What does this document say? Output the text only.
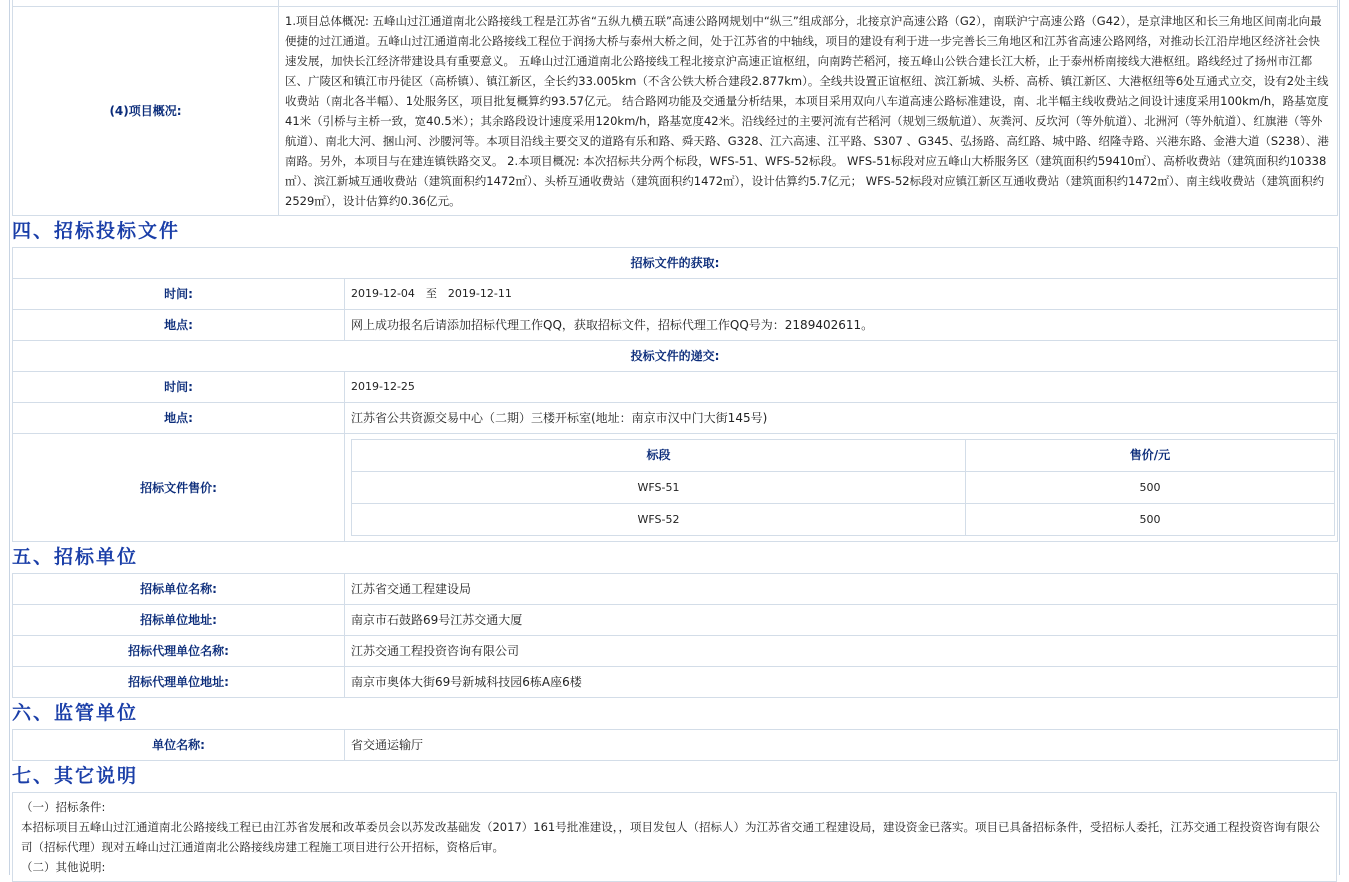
(4)项目概况:	1.项目总体概况: 五峰山过江通道南北公路接线工程是江苏省“五纵九横五联”高速公路网规划中“纵三”组成部分，北接京沪高速公路（G2），南联沪宁高速公路（G42），是京津地区和长三角地区间南北向最便捷的过江通道。五峰山过江通道南北公路接线工程位于润扬大桥与泰州大桥之间，处于江苏省的中轴线，项目的建设有利于进一步完善长三角地区和江苏省高速公路网络，对推动长江沿岸地区经济社会快速发展，加快长江经济带建设具有重要意义。 五峰山过江通道南北公路接线工程北接京沪高速正谊枢纽，向南跨芒稻河，接五峰山公铁合建长江大桥，止于泰州桥南接线大港枢纽。路线经过了扬州市江都区、广陵区和镇江市丹徒区（高桥镇）、镇江新区，全长约33.005km（不含公铁大桥合建段2.877km）。全线共设置正谊枢纽、滨江新城、头桥、高桥、镇江新区、大港枢纽等6处互通式立交，设有2处主线收费站（南北各半幅）、1处服务区，项目批复概算约93.57亿元。 结合路网功能及交通量分析结果，本项目采用双向八车道高速公路标准建设，南、北半幅主线收费站之间设计速度采用100km/h，路基宽度41米（引桥与主桥一致，宽40.5米）；其余路段设计速度采用120km/h，路基宽度42米。沿线经过的主要河流有芒稻河（规划三级航道）、灰粪河、反坎河（等外航道）、北洲河（等外航道）、红旗港（等外航道）、南北大河、捆山河、沙腰河等。本项目沿线主要交叉的道路有乐和路、舜天路、G328、江六高速、江平路、S307 、G345、弘扬路、高红路、城中路、绍隆寺路、兴港东路、金港大道（S238）、港南路。另外，本项目与在建连镇铁路交叉。 2.本项目概况: 本次招标共分两个标段，WFS-51、WFS-52标段。 WFS-51标段对应五峰山大桥服务区（建筑面积约59410㎡）、高桥收费站（建筑面积约10338㎡）、滨江新城互通收费站（建筑面积约1472㎡）、头桥互通收费站（建筑面积约1472㎡），设计估算约5.7亿元； WFS-52标段对应镇江新区互通收费站（建筑面积约1472㎡）、南主线收费站（建筑面积约2529㎡），设计估算约0.36亿元。
四、招标投标文件
招标文件的获取:
时间:	2019-12-04　至　2019-12-11
地点:	网上成功报名后请添加招标代理工作QQ，获取招标文件，招标代理工作QQ号为：2189402611。
投标文件的递交:
时间:	2019-12-25
地点:	江苏省公共资源交易中心（二期）三楼开标室(地址：南京市汉中门大街145号)
招标文件售价:	
标段	售价/元
WFS-51	500
WFS-52	500
五、招标单位
招标单位名称:	江苏省交通工程建设局
招标单位地址:	南京市石鼓路69号江苏交通大厦
招标代理单位名称:	江苏交通工程投资咨询有限公司
招标代理单位地址:	南京市奥体大街69号新城科技园6栋A座6楼
六、监管单位
单位名称:	省交通运输厅
七、其它说明
（一）招标条件:
本招标项目五峰山过江通道南北公路接线工程已由江苏省发展和改革委员会以苏发改基础发（2017）161号批准建设，，项目发包人（招标人）为江苏省交通工程建设局，建设资金已落实。项目已具备招标条件，受招标人委托，江苏交通工程投资咨询有限公司（招标代理）现对五峰山过江通道南北公路接线房建工程施工项目进行公开招标，资格后审。
（二）其他说明:
